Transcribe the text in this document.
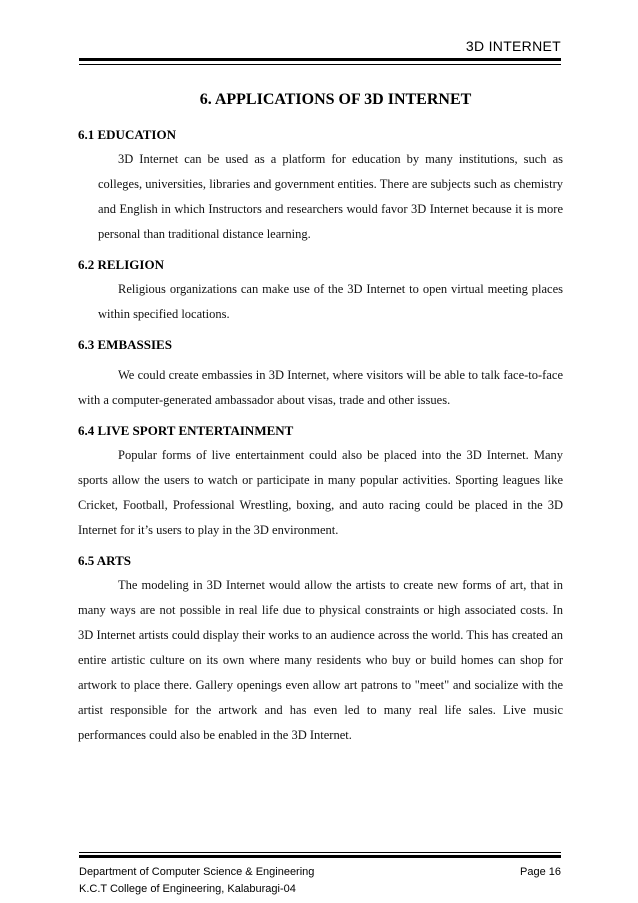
3D INTERNET
6. APPLICATIONS OF 3D INTERNET
6.1 EDUCATION

3D Internet can be used as a platform for education by many institutions, such as colleges, universities, libraries and government entities. There are subjects such as chemistry and English in which Instructors and researchers would favor 3D Internet because it is more personal than traditional distance learning.

6.2 RELIGION

Religious organizations can make use of the 3D Internet to open virtual meeting places within specified locations.

6.3 EMBASSIES

We could create embassies in 3D Internet, where visitors will be able to talk face-to-face with a computer-generated ambassador about visas, trade and other issues.

6.4 LIVE SPORT ENTERTAINMENT

Popular forms of live entertainment could also be placed into the 3D Internet. Many sports allow the users to watch or participate in many popular activities. Sporting leagues like Cricket, Football, Professional Wrestling, boxing, and auto racing could be placed in the 3D Internet for it’s users to play in the 3D environment.

6.5 ARTS

The modeling in 3D Internet would allow the artists to create new forms of art, that in many ways are not possible in real life due to physical constraints or high associated costs. In 3D Internet artists could display their works to an audience across the world. This has created an entire artistic culture on its own where many residents who buy or build homes can shop for artwork to place there. Gallery openings even allow art patrons to "meet" and socialize with the artist responsible for the artwork and has even led to many real life sales. Live music performances could also be enabled in the 3D Internet.

Department of Computer Science & Engineering
K.C.T College of Engineering, Kalaburagi-04
Page 16
